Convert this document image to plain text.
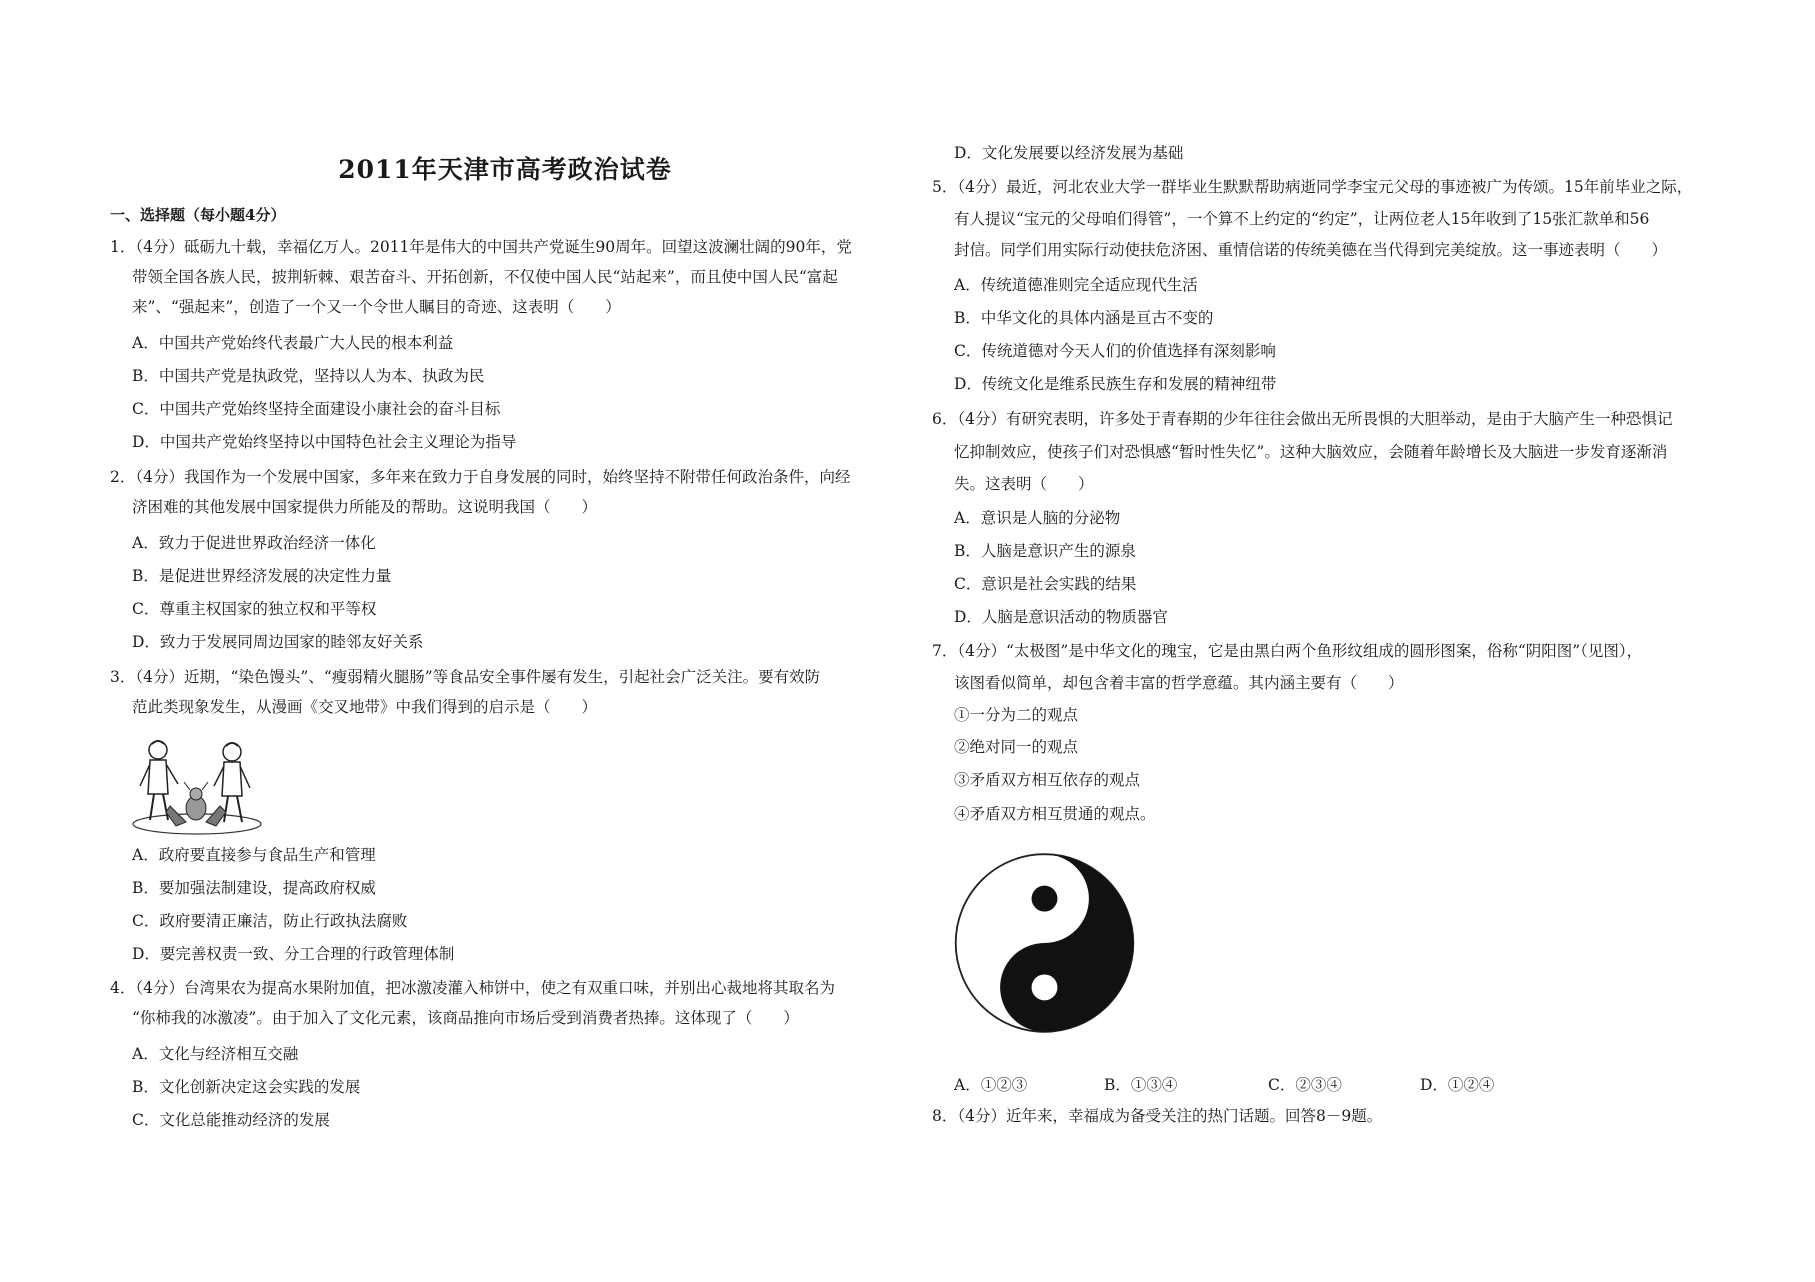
2011年天津市高考政治试卷
一、选择题（每小题4分）
1．（4分）砥砺九十载，幸福亿万人。2011年是伟大的中国共产党诞生90周年。回望这波澜壮阔的90年，党
带领全国各族人民，披荆斩棘、艰苦奋斗、开拓创新，不仅使中国人民“站起来”，而且使中国人民“富起
来”、“强起来”，创造了一个又一个令世人瞩目的奇迹、这表明（　　）
A．中国共产党始终代表最广大人民的根本利益
B．中国共产党是执政党，坚持以人为本、执政为民
C．中国共产党始终坚持全面建设小康社会的奋斗目标
D．中国共产党始终坚持以中国特色社会主义理论为指导
2．（4分）我国作为一个发展中国家，多年来在致力于自身发展的同时，始终坚持不附带任何政治条件，向经
济困难的其他发展中国家提供力所能及的帮助。这说明我国（　　）
A．致力于促进世界政治经济一体化
B．是促进世界经济发展的决定性力量
C．尊重主权国家的独立权和平等权
D．致力于发展同周边国家的睦邻友好关系
3．（4分）近期，“染色馒头”、“瘦弱精火腿肠”等食品安全事件屡有发生，引起社会广泛关注。要有效防
范此类现象发生，从漫画《交叉地带》中我们得到的启示是（　　）
A．政府要直接参与食品生产和管理
B．要加强法制建设，提高政府权威
C．政府要清正廉洁，防止行政执法腐败
D．要完善权责一致、分工合理的行政管理体制
4．（4分）台湾果农为提高水果附加值，把冰激凌灌入柿饼中，使之有双重口味，并别出心裁地将其取名为
“你柿我的冰激凌”。由于加入了文化元素，该商品推向市场后受到消费者热捧。这体现了（　　）
A．文化与经济相互交融
B．文化创新决定这会实践的发展
C．文化总能推动经济的发展
D．文化发展要以经济发展为基础
5．（4分）最近，河北农业大学一群毕业生默默帮助病逝同学李宝元父母的事迹被广为传颂。15年前毕业之际，
有人提议“宝元的父母咱们得管”，一个算不上约定的“约定”，让两位老人15年收到了15张汇款单和56
封信。同学们用实际行动使扶危济困、重情信诺的传统美德在当代得到完美绽放。这一事迹表明（　　）
A．传统道德准则完全适应现代生活
B．中华文化的具体内涵是亘古不变的
C．传统道德对今天人们的价值选择有深刻影响
D．传统文化是维系民族生存和发展的精神纽带
6．（4分）有研究表明，许多处于青春期的少年往往会做出无所畏惧的大胆举动，是由于大脑产生一种恐惧记
忆抑制效应，使孩子们对恐惧感“暂时性失忆”。这种大脑效应，会随着年龄增长及大脑进一步发育逐渐消
失。这表明（　　）
A．意识是人脑的分泌物
B．人脑是意识产生的源泉
C．意识是社会实践的结果
D．人脑是意识活动的物质器官
7．（4分）“太极图”是中华文化的瑰宝，它是由黑白两个鱼形纹组成的圆形图案，俗称“阴阳图”（见图），
该图看似简单，却包含着丰富的哲学意蕴。其内涵主要有（　　）
①一分为二的观点
②绝对同一的观点
③矛盾双方相互依存的观点
④矛盾双方相互贯通的观点。
A．①②③	B．①③④	C．②③④	D．①②④
8．（4分）近年来，幸福成为备受关注的热门话题。回答8－9题。
